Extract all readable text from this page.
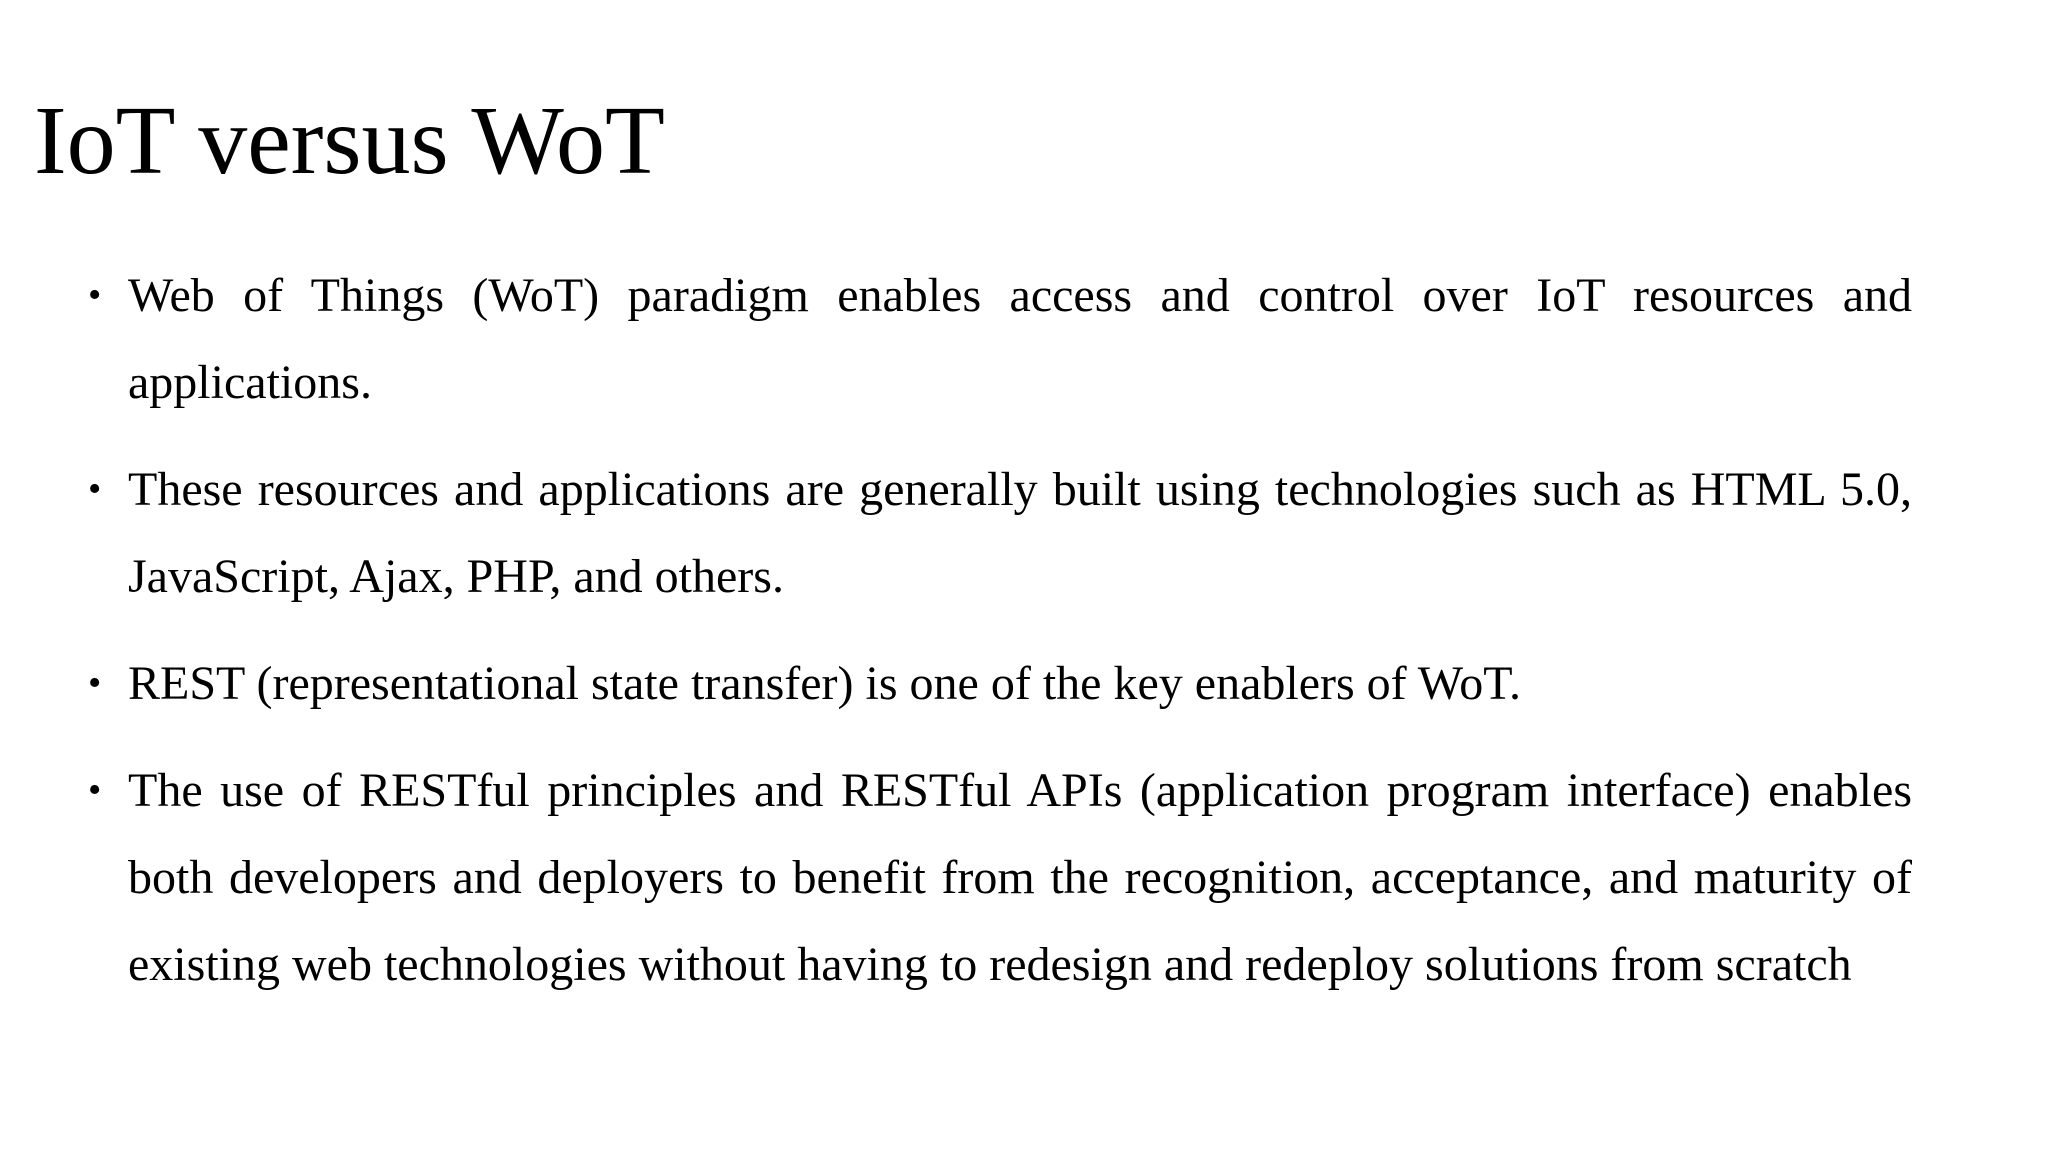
IoT versus WoT
• Web of Things (WoT) paradigm enables access and control over IoT resources and applications.
• These resources and applications are generally built using technologies such as HTML 5.0, JavaScript, Ajax, PHP, and others.
• REST (representational state transfer) is one of the key enablers of WoT.
• The use of RESTful principles and RESTful APIs (application program interface) enables both developers and deployers to benefit from the recognition, acceptance, and maturity of existing web technologies without having to redesign and redeploy solutions from scratch
